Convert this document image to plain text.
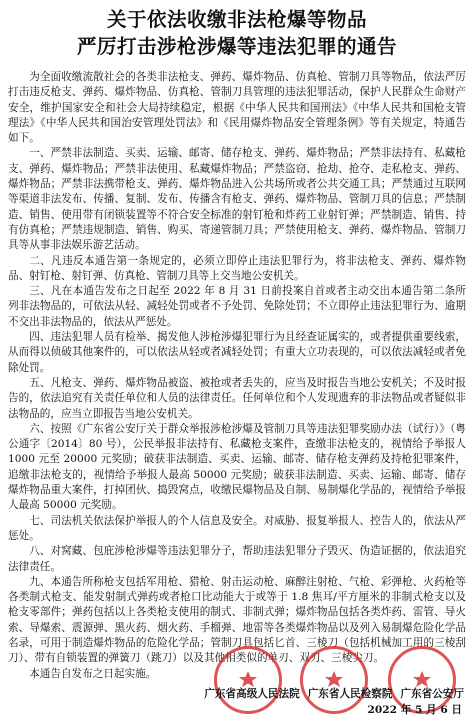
关于依法收缴非法枪爆等物品
严厉打击涉枪涉爆等违法犯罪的通告

为全面收缴流散社会的各类非法枪支、弹药、爆炸物品、仿真枪、管制刀具等物品，依法严厉打击违反枪支、弹药、爆炸物品、仿真枪、管制刀具管理的违法犯罪活动，保护人民群众生命财产安全，维护国家安全和社会大局持续稳定，根据《中华人民共和国刑法》《中华人民共和国枪支管理法》《中华人民共和国治安管理处罚法》和《民用爆炸物品安全管理条例》等有关规定，特通告如下。

一、严禁非法制造、买卖、运输、邮寄、储存枪支、弹药、爆炸物品；严禁非法持有、私藏枪支、弹药、爆炸物品；严禁非法使用、私藏爆炸物品；严禁盗窃、抢劫、抢夺、走私枪支、弹药、爆炸物品；严禁非法携带枪支、弹药、爆炸物品进入公共场所或者公共交通工具；严禁通过互联网等渠道非法发布、传播、复制、发布、传播含有枪支、弹药、爆炸物品、管制刀具的信息；严禁制造、销售、使用带有闭锁装置等不符合安全标准的射钉枪和炸药工业射钉弹；严禁制造、销售、持有仿真枪；严禁违规制造、销售、购买、寄递管制刀具；严禁使用枪支、弹药、爆炸物品、管制刀具等从事非法娱乐游艺活动。

二、凡违反本通告第一条规定的，必须立即停止违法犯罪行为，将非法枪支、弹药、爆炸物品、射钉枪、射钉弹、仿真枪、管制刀具等上交当地公安机关。

三、凡在本通告发布之日起至 2022 年 8 月 31 日前投案自首或者主动交出本通告第二条所列非法物品的，可依法从轻、减轻处罚或者不予处罚、免除处罚；不立即停止违法犯罪行为、逾期不交出非法物品的，依法从严惩处。

四、违法犯罪人员有检举、揭发他人涉枪涉爆犯罪行为且经查证属实的，或者提供重要线索，从而得以侦破其他案件的，可以依法从轻或者减轻处罚；有重大立功表现的，可以依法减轻或者免除处罚。

五、凡枪支、弹药、爆炸物品被盗、被抢或者丢失的，应当及时报告当地公安机关；不及时报告的，依法追究有关责任单位和人员的法律责任。任何单位和个人发现遗弃的非法物品或者疑似非法物品的，应当立即报告当地公安机关。

六、按照《广东省公安厅关于群众举报涉枪涉爆及管制刀具等违法犯罪奖励办法（试行）》（粤公通字〔2014〕80 号），公民举报非法持有、私藏枪支案件，查缴非法枪支的，视情给予举报人 1000 元至 20000 元奖励；破获非法制造、买卖、运输、邮寄、储存枪支弹药及持枪犯罪案件，追缴非法枪支的，视情给予举报人最高 50000 元奖励；破获非法制造、买卖、运输、邮寄、储存爆炸物品重大案件，打掉团伙、捣毁窝点，收缴民爆物品及自制、易制爆化学品的，视情给予举报人最高 50000 元奖励。

七、司法机关依法保护举报人的个人信息及安全。对威胁、报复举报人、控告人的，依法从严惩处。

八、对窝藏、包庇涉枪涉爆等违法犯罪分子，帮助违法犯罪分子毁灭、伪造证据的，依法追究法律责任。

九、本通告所称枪支包括军用枪、猎枪、射击运动枪、麻醉注射枪、气枪、彩弹枪、火药枪等各类制式枪支、能发射制式弹药或者枪口比动能大于或等于 1.8 焦耳/平方厘米的非制式枪支以及枪支零部件；弹药包括以上各类枪支使用的制式、非制式弹；爆炸物品包括各类炸药、雷管、导火索、导爆索、震源弹、黑火药、烟火药、手榴弹、地雷等各类爆炸物品以及列入易制爆危险化学品名录，可用于制造爆炸物品的危险化学品；管制刀具包括匕首、三棱刀（包括机械加工用的三棱刮刀）、带有自锁装置的弹簧刀（跳刀）以及其他相类似的单刃、双刃、三棱尖刀。

本通告自发布之日起实施。

广东省高级人民法院 广东省人民检察院 广东省公安厅
2022 年 5 月 6 日
